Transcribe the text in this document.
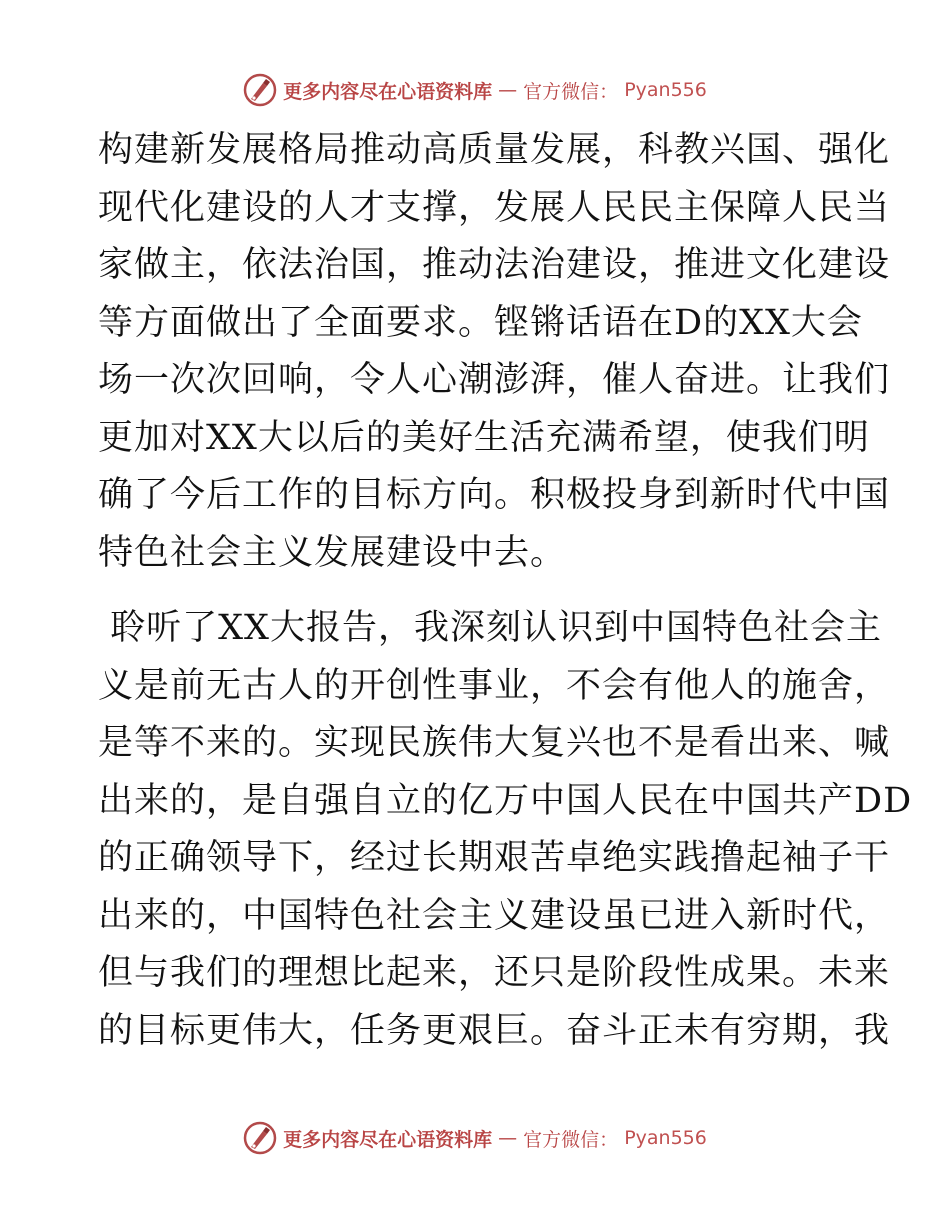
更多内容尽在心语资料库 — 官方微信： Pyan556

构建新发展格局推动高质量发展，科教兴国、强化
现代化建设的人才支撑，发展人民民主保障人民当
家做主，依法治国，推动法治建设，推进文化建设
等方面做出了全面要求。铿锵话语在D的XX大会
场一次次回响，令人心潮澎湃，催人奋进。让我们
更加对XX大以后的美好生活充满希望，使我们明
确了今后工作的目标方向。积极投身到新时代中国
特色社会主义发展建设中去。

聆听了XX大报告，我深刻认识到中国特色社会主
义是前无古人的开创性事业，不会有他人的施舍，
是等不来的。实现民族伟大复兴也不是看出来、喊
出来的，是自强自立的亿万中国人民在中国共产DD
的正确领导下，经过长期艰苦卓绝实践撸起袖子干
出来的，中国特色社会主义建设虽已进入新时代，
但与我们的理想比起来，还只是阶段性成果。未来
的目标更伟大，任务更艰巨。奋斗正未有穷期，我

更多内容尽在心语资料库 — 官方微信： Pyan556
